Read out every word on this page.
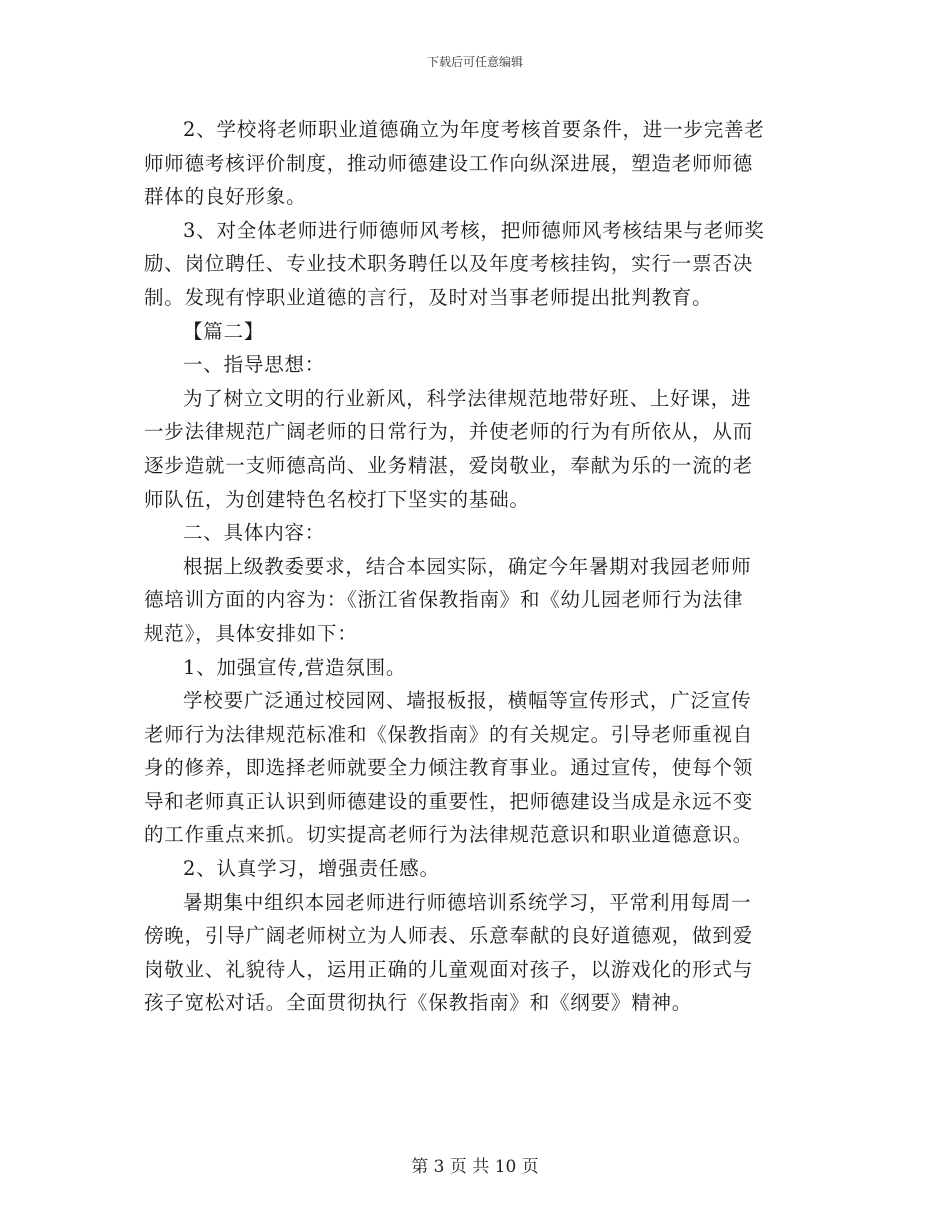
下载后可任意编辑

2、学校将老师职业道德确立为年度考核首要条件，进一步完善老
师师德考核评价制度，推动师德建设工作向纵深进展，塑造老师师德
群体的良好形象。

3、对全体老师进行师德师风考核，把师德师风考核结果与老师奖
励、岗位聘任、专业技术职务聘任以及年度考核挂钩，实行一票否决
制。发现有悖职业道德的言行，及时对当事老师提出批判教育。

【篇二】

一、指导思想：

为了树立文明的行业新风，科学法律规范地带好班、上好课，进
一步法律规范广阔老师的日常行为，并使老师的行为有所依从，从而
逐步造就一支师德高尚、业务精湛，爱岗敬业，奉献为乐的一流的老
师队伍，为创建特色名校打下坚实的基础。

二、具体内容：

根据上级教委要求，结合本园实际，确定今年暑期对我园老师师
德培训方面的内容为：《浙江省保教指南》和《幼儿园老师行为法律
规范》，具体安排如下：

1、加强宣传,营造氛围。

学校要广泛通过校园网、墙报板报，横幅等宣传形式，广泛宣传
老师行为法律规范标准和《保教指南》的有关规定。引导老师重视自
身的修养，即选择老师就要全力倾注教育事业。通过宣传，使每个领
导和老师真正认识到师德建设的重要性，把师德建设当成是永远不变
的工作重点来抓。切实提高老师行为法律规范意识和职业道德意识。

2、认真学习，增强责任感。

暑期集中组织本园老师进行师德培训系统学习，平常利用每周一
傍晚，引导广阔老师树立为人师表、乐意奉献的良好道德观，做到爱
岗敬业、礼貌待人，运用正确的儿童观面对孩子，以游戏化的形式与
孩子宽松对话。全面贯彻执行《保教指南》和《纲要》精神。

第 3 页 共 10 页
